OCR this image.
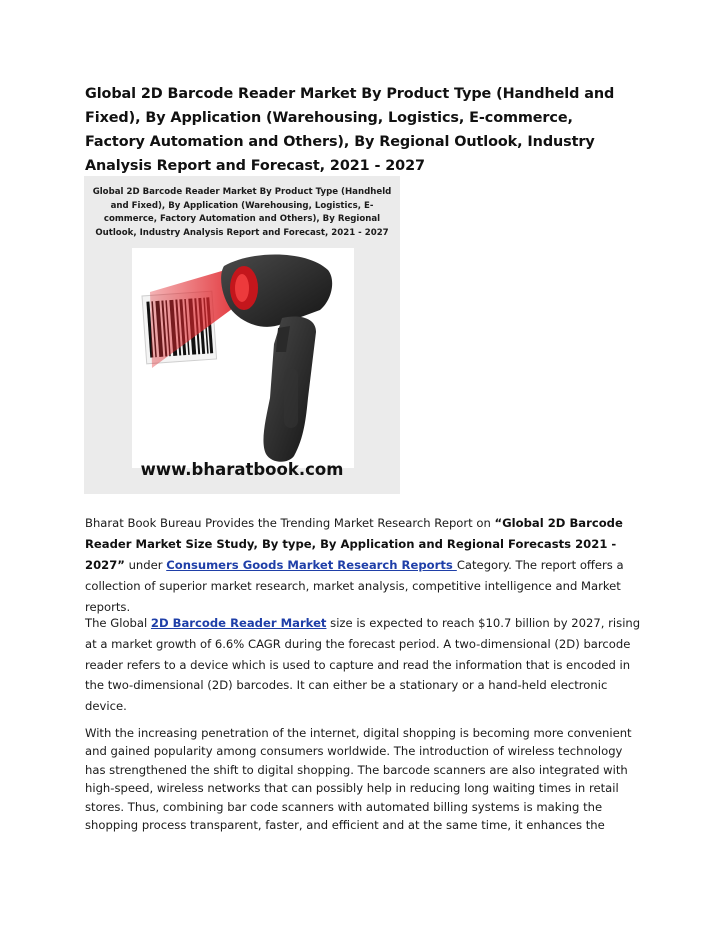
Global 2D Barcode Reader Market By Product Type (Handheld and Fixed), By Application (Warehousing, Logistics, E-commerce, Factory Automation and Others), By Regional Outlook, Industry Analysis Report and Forecast, 2021 - 2027
Global 2D Barcode Reader Market By Product Type (Handheld and Fixed), By Application (Warehousing, Logistics, E-commerce, Factory Automation and Others), By Regional Outlook, Industry Analysis Report and Forecast, 2021 - 2027
www.bharatbook.com

Bharat Book Bureau Provides the Trending Market Research Report on “Global 2D Barcode Reader Market Size Study, By type, By Application and Regional Forecasts 2021 - 2027” under Consumers Goods Market Research Reports Category. The report offers a collection of superior market research, market analysis, competitive intelligence and Market reports.

The Global 2D Barcode Reader Market size is expected to reach $10.7 billion by 2027, rising at a market growth of 6.6% CAGR during the forecast period. A two-dimensional (2D) barcode reader refers to a device which is used to capture and read the information that is encoded in the two-dimensional (2D) barcodes. It can either be a stationary or a hand-held electronic device.

With the increasing penetration of the internet, digital shopping is becoming more convenient and gained popularity among consumers worldwide. The introduction of wireless technology has strengthened the shift to digital shopping. The barcode scanners are also integrated with high-speed, wireless networks that can possibly help in reducing long waiting times in retail stores. Thus, combining bar code scanners with automated billing systems is making the shopping process transparent, faster, and efficient and at the same time, it enhances the
